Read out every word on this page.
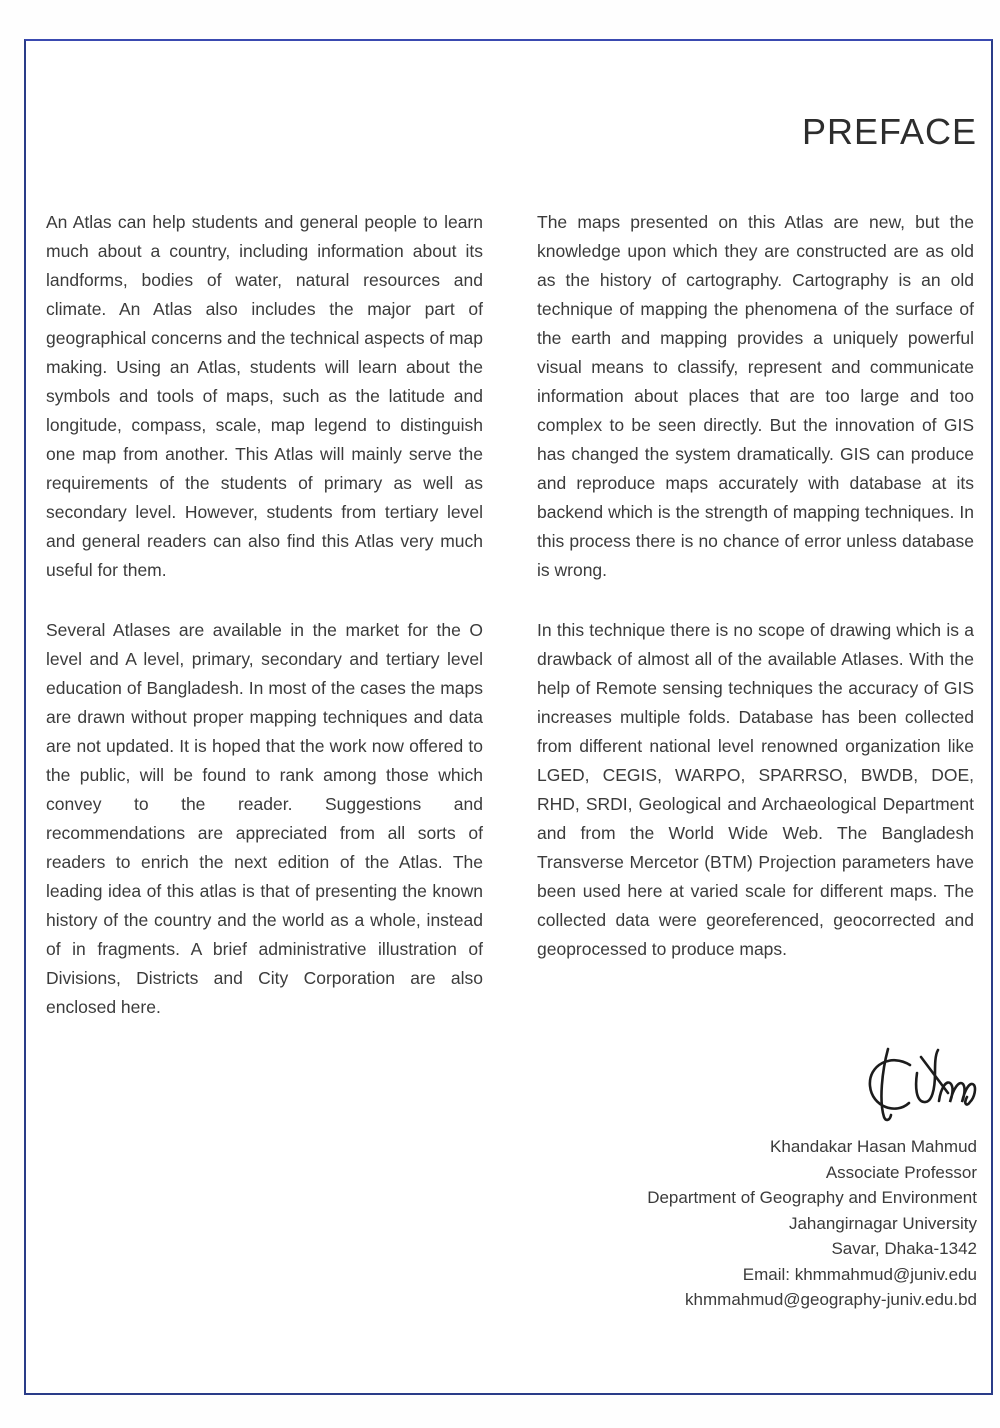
PREFACE

An Atlas can help students and general people to learn much about a country, including information about its landforms, bodies of water, natural resources and climate. An Atlas also includes the major part of geographical concerns and the technical aspects of map making. Using an Atlas, students will learn about the symbols and tools of maps, such as the latitude and longitude, compass, scale, map legend to distinguish one map from another. This Atlas will mainly serve the requirements of the students of primary as well as secondary level. However, students from tertiary level and general readers can also find this Atlas very much useful for them.

Several Atlases are available in the market for the O level and A level, primary, secondary and tertiary level education of Bangladesh. In most of the cases the maps are drawn without proper mapping techniques and data are not updated. It is hoped that the work now offered to the public, will be found to rank among those which convey to the reader. Suggestions and recommendations are appreciated from all sorts of readers to enrich the next edition of the Atlas. The leading idea of this atlas is that of presenting the known history of the country and the world as a whole, instead of in fragments. A brief administrative illustration of Divisions, Districts and City Corporation are also enclosed here.

The maps presented on this Atlas are new, but the knowledge upon which they are constructed are as old as the history of cartography. Cartography is an old technique of mapping the phenomena of the surface of the earth and mapping provides a uniquely powerful visual means to classify, represent and communicate information about places that are too large and too complex to be seen directly. But the innovation of GIS has changed the system dramatically. GIS can produce and reproduce maps accurately with database at its backend which is the strength of mapping techniques. In this process there is no chance of error unless database is wrong.

In this technique there is no scope of drawing which is a drawback of almost all of the available Atlases. With the help of Remote sensing techniques the accuracy of GIS increases multiple folds. Database has been collected from different national level renowned organization like LGED, CEGIS, WARPO, SPARRSO, BWDB, DOE, RHD, SRDI, Geological and Archaeological Department and from the World Wide Web. The Bangladesh Transverse Mercetor (BTM) Projection parameters have been used here at varied scale for different maps. The collected data were georeferenced, geocorrected and geoprocessed to produce maps.

Khandakar Hasan Mahmud
Associate Professor
Department of Geography and Environment
Jahangirnagar University
Savar, Dhaka-1342
Email: khmmahmud@juniv.edu
khmmahmud@geography-juniv.edu.bd
